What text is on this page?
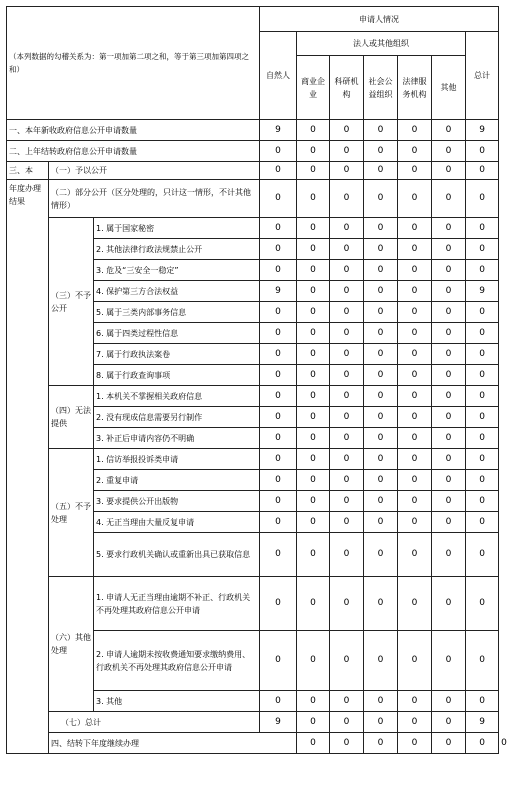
（本列数据的勾稽关系为：第一项加第二项之和，等于第三项加第四项之和）			申请人情况							
			自然人	法人或其他组织					总计	
				商业企业	科研机构	社会公益组织	法律服务机构	其他		
一、本年新收政府信息公开申请数量			9	0	0	0	0	0	9	
二、上年结转政府信息公开申请数量			0	0	0	0	0	0	0	
三、本	（一）予以公开		0	0	0	0	0	0	0	
年度办理结果	（二）部分公开（区分处理的，只计这一情形，不计其他情形）		0	0	0	0	0	0	0	
	（三）不予公开	1. 属于国家秘密	0	0	0	0	0	0	0	
		2. 其他法律行政法规禁止公开	0	0	0	0	0	0	0	
		3. 危及“三安全一稳定”	0	0	0	0	0	0	0	
		4. 保护第三方合法权益	9	0	0	0	0	0	9	
		5. 属于三类内部事务信息	0	0	0	0	0	0	0	
		6. 属于四类过程性信息	0	0	0	0	0	0	0	
		7. 属于行政执法案卷	0	0	0	0	0	0	0	
		8. 属于行政查询事项	0	0	0	0	0	0	0	
	（四）无法提供	1. 本机关不掌握相关政府信息	0	0	0	0	0	0	0	
		2. 没有现成信息需要另行制作	0	0	0	0	0	0	0	
		3. 补正后申请内容仍不明确	0	0	0	0	0	0	0	
	（五）不予处理	1. 信访举报投诉类申请	0	0	0	0	0	0	0	
		2. 重复申请	0	0	0	0	0	0	0	
		3. 要求提供公开出版物	0	0	0	0	0	0	0	
		4. 无正当理由大量反复申请	0	0	0	0	0	0	0	
		5. 要求行政机关确认或重新出具已获取信息	0	0	0	0	0	0	0	
	（六）其他处理	1. 申请人无正当理由逾期不补正、行政机关不再处理其政府信息公开申请	0	0	0	0	0	0	0	
		2. 申请人逾期未按收费通知要求缴纳费用、行政机关不再处理其政府信息公开申请	0	0	0	0	0	0	0	
		3. 其他	0	0	0	0	0	0	0	
	（七）总计		9	0	0	0	0	0	9	
	四、结转下年度继续办理			0	0	0	0	0	0	0
